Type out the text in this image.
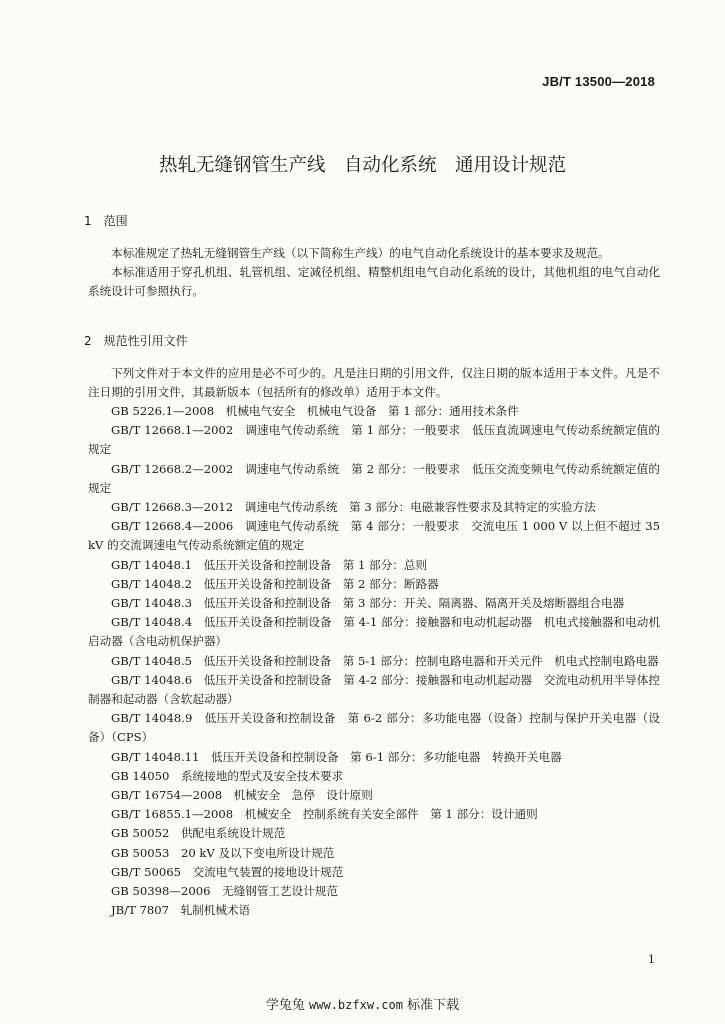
JB/T 13500—2018
热轧无缝钢管生产线　自动化系统　通用设计规范
1　范围

本标准规定了热轧无缝钢管生产线（以下简称生产线）的电气自动化系统设计的基本要求及规范。

本标准适用于穿孔机组、轧管机组、定减径机组、精整机组电气自动化系统的设计，其他机组的电气自动化系统设计可参照执行。

2　规范性引用文件

下列文件对于本文件的应用是必不可少的。凡是注日期的引用文件，仅注日期的版本适用于本文件。凡是不注日期的引用文件，其最新版本（包括所有的修改单）适用于本文件。

GB 5226.1—2008　机械电气安全　机械电气设备　第 1 部分：通用技术条件

GB/T 12668.1—2002　调速电气传动系统　第 1 部分：一般要求　低压直流调速电气传动系统额定值的规定

GB/T 12668.2—2002　调速电气传动系统　第 2 部分：一般要求　低压交流变频电气传动系统额定值的规定

GB/T 12668.3—2012　调速电气传动系统　第 3 部分：电磁兼容性要求及其特定的实验方法

GB/T 12668.4—2006　调速电气传动系统　第 4 部分：一般要求　交流电压 1 000 V 以上但不超过 35 kV 的交流调速电气传动系统额定值的规定

GB/T 14048.1　低压开关设备和控制设备　第 1 部分：总则

GB/T 14048.2　低压开关设备和控制设备　第 2 部分：断路器

GB/T 14048.3　低压开关设备和控制设备　第 3 部分：开关、隔离器、隔离开关及熔断器组合电器

GB/T 14048.4　低压开关设备和控制设备　第 4-1 部分：接触器和电动机起动器　机电式接触器和电动机启动器（含电动机保护器）

GB/T 14048.5　低压开关设备和控制设备　第 5-1 部分：控制电路电器和开关元件　机电式控制电路电器

GB/T 14048.6　低压开关设备和控制设备　第 4-2 部分：接触器和电动机起动器　交流电动机用半导体控制器和起动器（含软起动器）

GB/T 14048.9　低压开关设备和控制设备　第 6-2 部分：多功能电器（设备）控制与保护开关电器（设备）（CPS）

GB/T 14048.11　低压开关设备和控制设备　第 6-1 部分：多功能电器　转换开关电器

GB 14050　系统接地的型式及安全技术要求

GB/T 16754—2008　机械安全　急停　设计原则

GB/T 16855.1—2008　机械安全　控制系统有关安全部件　第 1 部分：设计通则

GB 50052　供配电系统设计规范

GB 50053　20 kV 及以下变电所设计规范

GB/T 50065　交流电气装置的接地设计规范

GB 50398—2006　无缝钢管工艺设计规范

JB/T 7807　轧制机械术语

1
学兔兔 www.bzfxw.com 标准下载
